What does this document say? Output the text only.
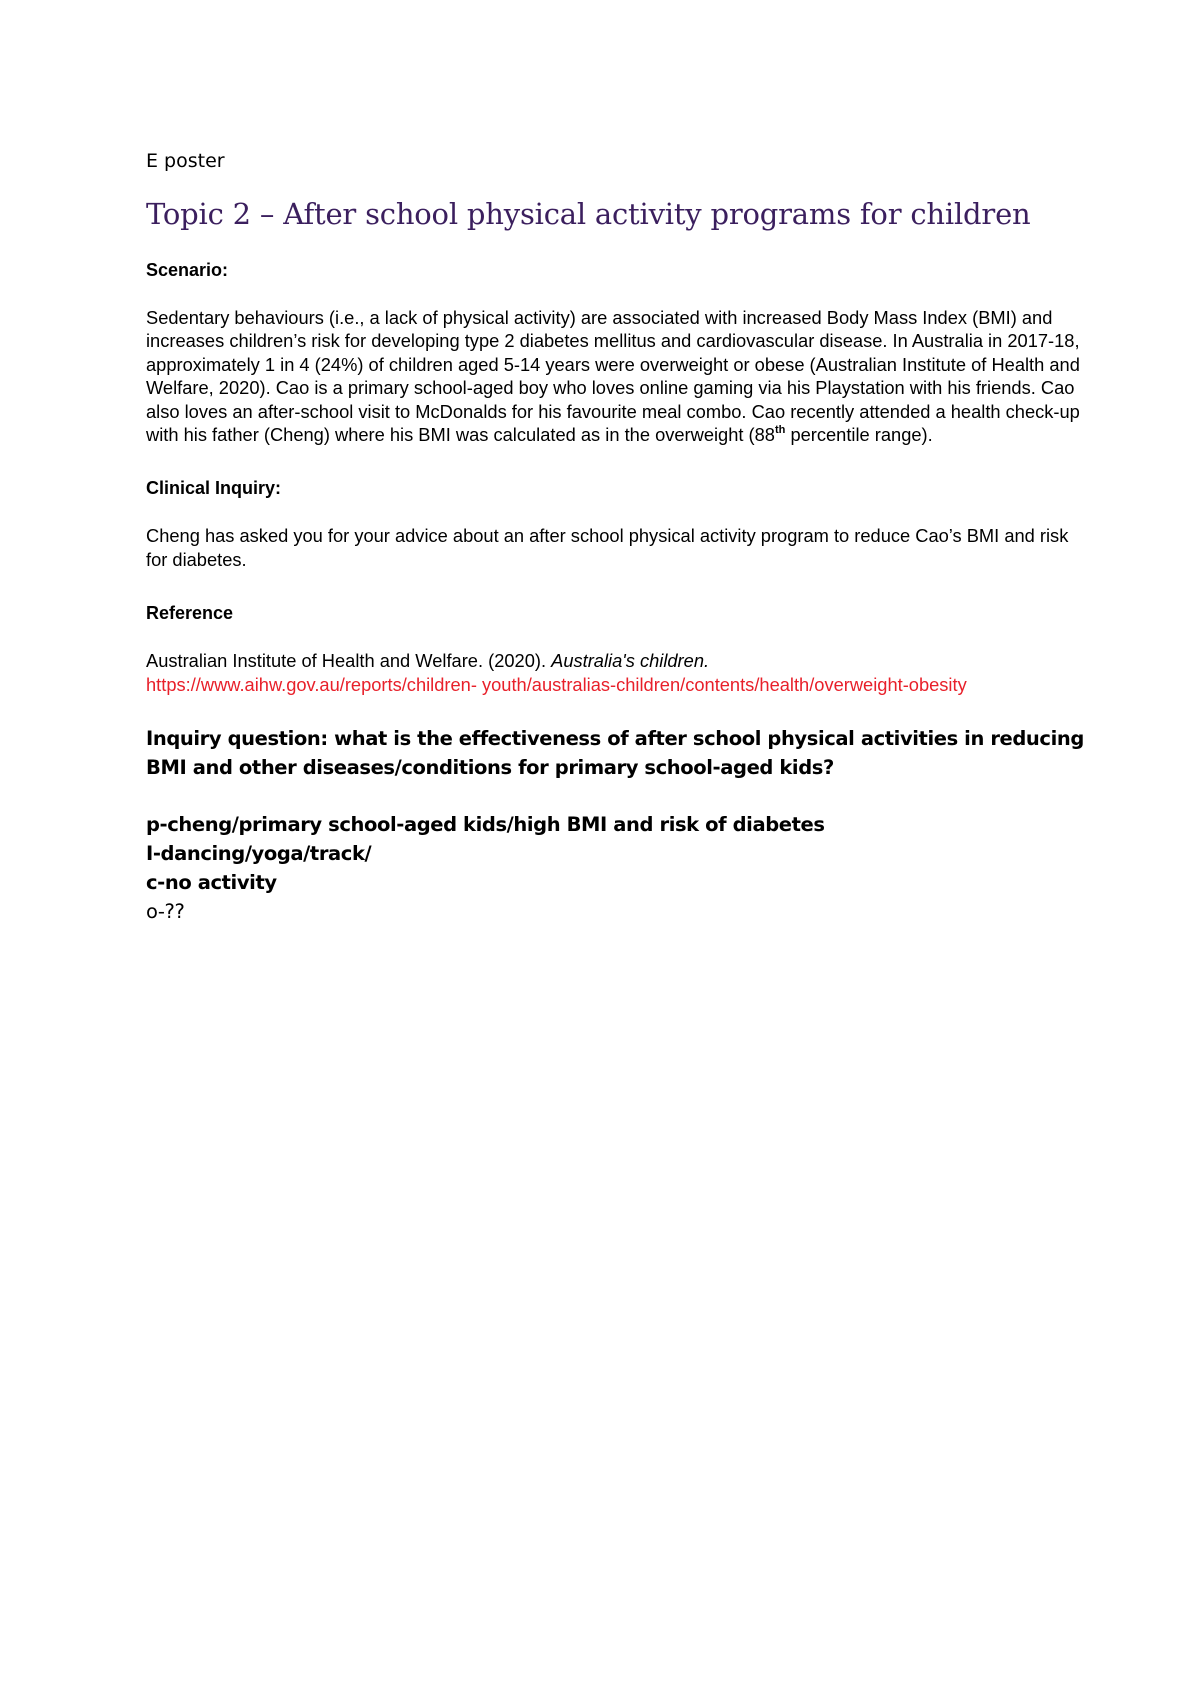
E poster
Topic 2 – After school physical activity programs for children
Scenario:

Sedentary behaviours (i.e., a lack of physical activity) are associated with increased Body Mass Index (BMI) and increases children’s risk for developing type 2 diabetes mellitus and cardiovascular disease. In Australia in 2017-18, approximately 1 in 4 (24%) of children aged 5-14 years were overweight or obese (Australian Institute of Health and Welfare, 2020). Cao is a primary school-aged boy who loves online gaming via his Playstation with his friends. Cao also loves an after-school visit to McDonalds for his favourite meal combo. Cao recently attended a health check-up with his father (Cheng) where his BMI was calculated as in the overweight (88th percentile range).

Clinical Inquiry:

Cheng has asked you for your advice about an after school physical activity program to reduce Cao’s BMI and risk for diabetes.

Reference

Australian Institute of Health and Welfare. (2020). Australia's children.
https://www.aihw.gov.au/reports/children- youth/australias-children/contents/health/overweight-obesity

Inquiry question: what is the effectiveness of after school physical activities in reducing BMI and other diseases/conditions for primary school-aged kids?

p-cheng/primary school-aged kids/high BMI and risk of diabetes
I-dancing/yoga/track/
c-no activity
o-??
